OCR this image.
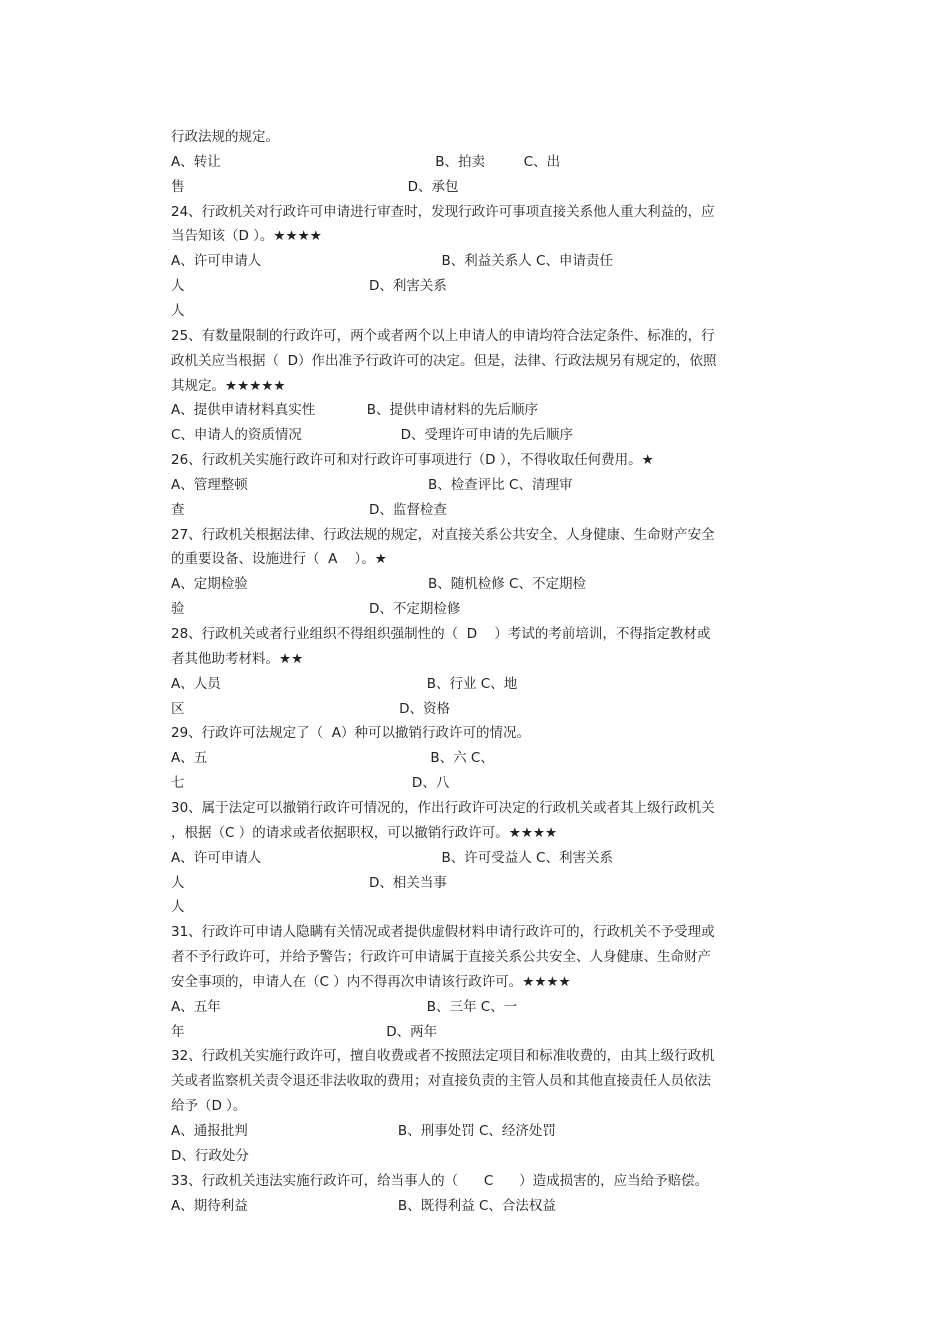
行政法规的规定。
A、转让                                                  B、拍卖         C、出
售                                                    D、承包
24、行政机关对行政许可申请进行审查时，发现行政许可事项直接关系他人重大利益的，应
当告知该（D ）。★★★★
A、许可申请人                                          B、利益关系人 C、申请责任
人                                           D、利害关系
人
25、有数量限制的行政许可，两个或者两个以上申请人的申请均符合法定条件、标准的，行
政机关应当根据（  D）作出准予行政许可的决定。但是，法律、行政法规另有规定的，依照
其规定。★★★★★
A、提供申请材料真实性            B、提供申请材料的先后顺序
C、申请人的资质情况                       D、受理许可申请的先后顺序
26、行政机关实施行政许可和对行政许可事项进行（D ），不得收取任何费用。★
A、管理整顿                                          B、检查评比 C、清理审
查                                           D、监督检查
27、行政机关根据法律、行政法规的规定，对直接关系公共安全、人身健康、生命财产安全
的重要设备、设施进行（  A    ）。★
A、定期检验                                          B、随机检修 C、不定期检
验                                           D、不定期检修
28、行政机关或者行业组织不得组织强制性的（  D    ）考试的考前培训，不得指定教材或
者其他助考材料。★★
A、人员                                                B、行业 C、地
区                                                  D、资格
29、行政许可法规定了（  A）种可以撤销行政许可的情况。
A、五                                                    B、六 C、
七                                                     D、八
30、属于法定可以撤销行政许可情况的，作出行政许可决定的行政机关或者其上级行政机关
，根据（C ）的请求或者依据职权，可以撤销行政许可。★★★★
A、许可申请人                                          B、许可受益人 C、利害关系
人                                           D、相关当事
人
31、行政许可申请人隐瞒有关情况或者提供虚假材料申请行政许可的，行政机关不予受理或
者不予行政许可，并给予警告；行政许可申请属于直接关系公共安全、人身健康、生命财产
安全事项的，申请人在（C ）内不得再次申请该行政许可。★★★★
A、五年                                                B、三年 C、一
年                                               D、两年
32、行政机关实施行政许可，擅自收费或者不按照法定项目和标准收费的，由其上级行政机
关或者监察机关责令退还非法收取的费用；对直接负责的主管人员和其他直接责任人员依法
给予（D ）。
A、通报批判                                   B、刑事处罚 C、经济处罚
D、行政处分
33、行政机关违法实施行政许可，给当事人的（      C      ）造成损害的，应当给予赔偿。
A、期待利益                                   B、既得利益 C、合法权益
